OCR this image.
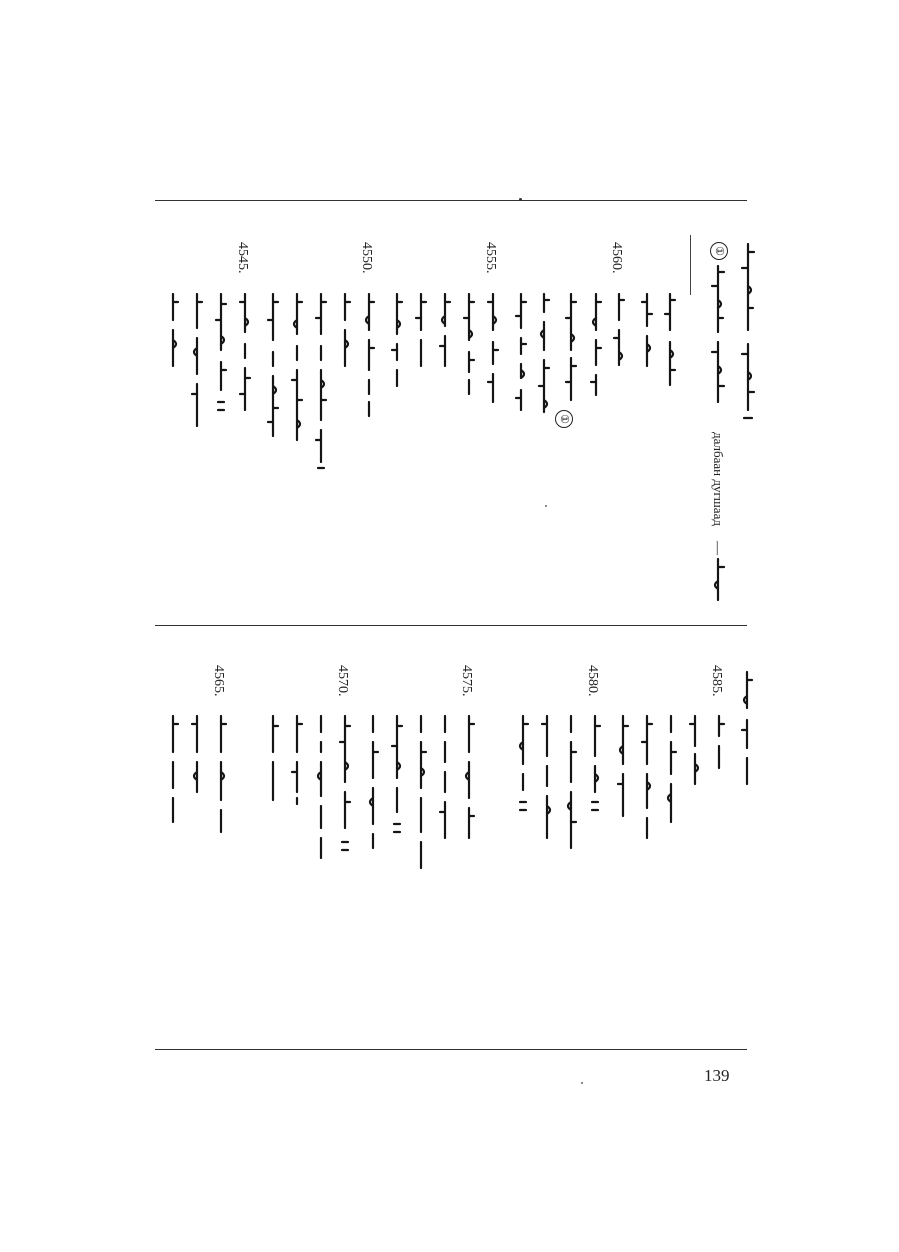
①
далбаан дугшаад
—
4560.
①
4555.
4550.
4545.
4585.
4580.
4575.
4570.
4565.
139
